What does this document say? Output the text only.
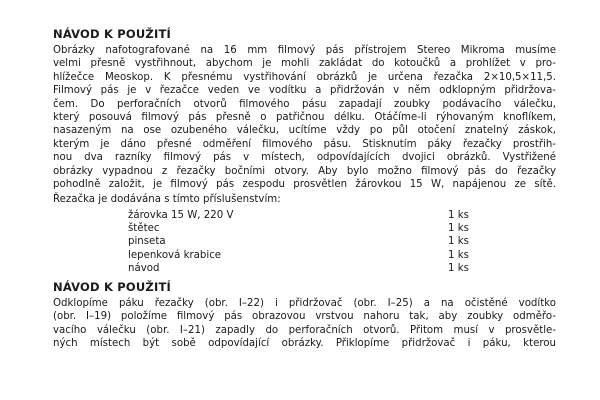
NÁVOD K POUŽITÍ
Obrázky nafotografované na 16 mm filmový pás přístrojem Stereo Mikroma musíme
velmi přesně vystřihnout, abychom je mohli zakládat do kotoučků a prohlížet v pro-
hlížečce Meoskop. K přesnému vystřihování obrázků je určena řezačka 2×10,5×11,5.
Filmový pás je v řezačce veden ve vodítku a přidržován v něm odklopným přidržova-
čem. Do perforačních otvorů filmového pásu zapadají zoubky podávacího válečku,
který posouvá filmový pás přesně o patřičnou délku. Otáčíme-li rýhovaným knoflíkem,
nasazeným na ose ozubeného válečku, ucítíme vždy po půl otočení znatelný záskok,
kterým je dáno přesné odměření filmového pásu. Stisknutím páky řezačky prostřih-
nou dva razníky filmový pás v místech, odpovídajících dvojici obrázků. Vystřižené
obrázky vypadnou z řezačky bočními otvory. Aby bylo možno filmový pás do řezačky
pohodlně založit, je filmový pás zespodu prosvětlen žárovkou 15 W, napájenou ze sítě.
Řezačka je dodávána s tímto příslušenstvím:
žárovka 15 W, 220 V	1 ks
štětec	1 ks
pinseta	1 ks
lepenková krabice	1 ks
návod	1 ks
NÁVOD K POUŽITÍ
Odklopíme páku řezačky (obr. I–22) i přidržovač (obr. I–25) a na očistěné vodítko
(obr. I–19) položíme filmový pás obrazovou vrstvou nahoru tak, aby zoubky odměřo-
vacího válečku (obr. I–21) zapadly do perforačních otvorů. Přitom musí v prosvětle-
ných místech být sobě odpovídající obrázky. Přiklopíme přidržovač i páku, kterou
